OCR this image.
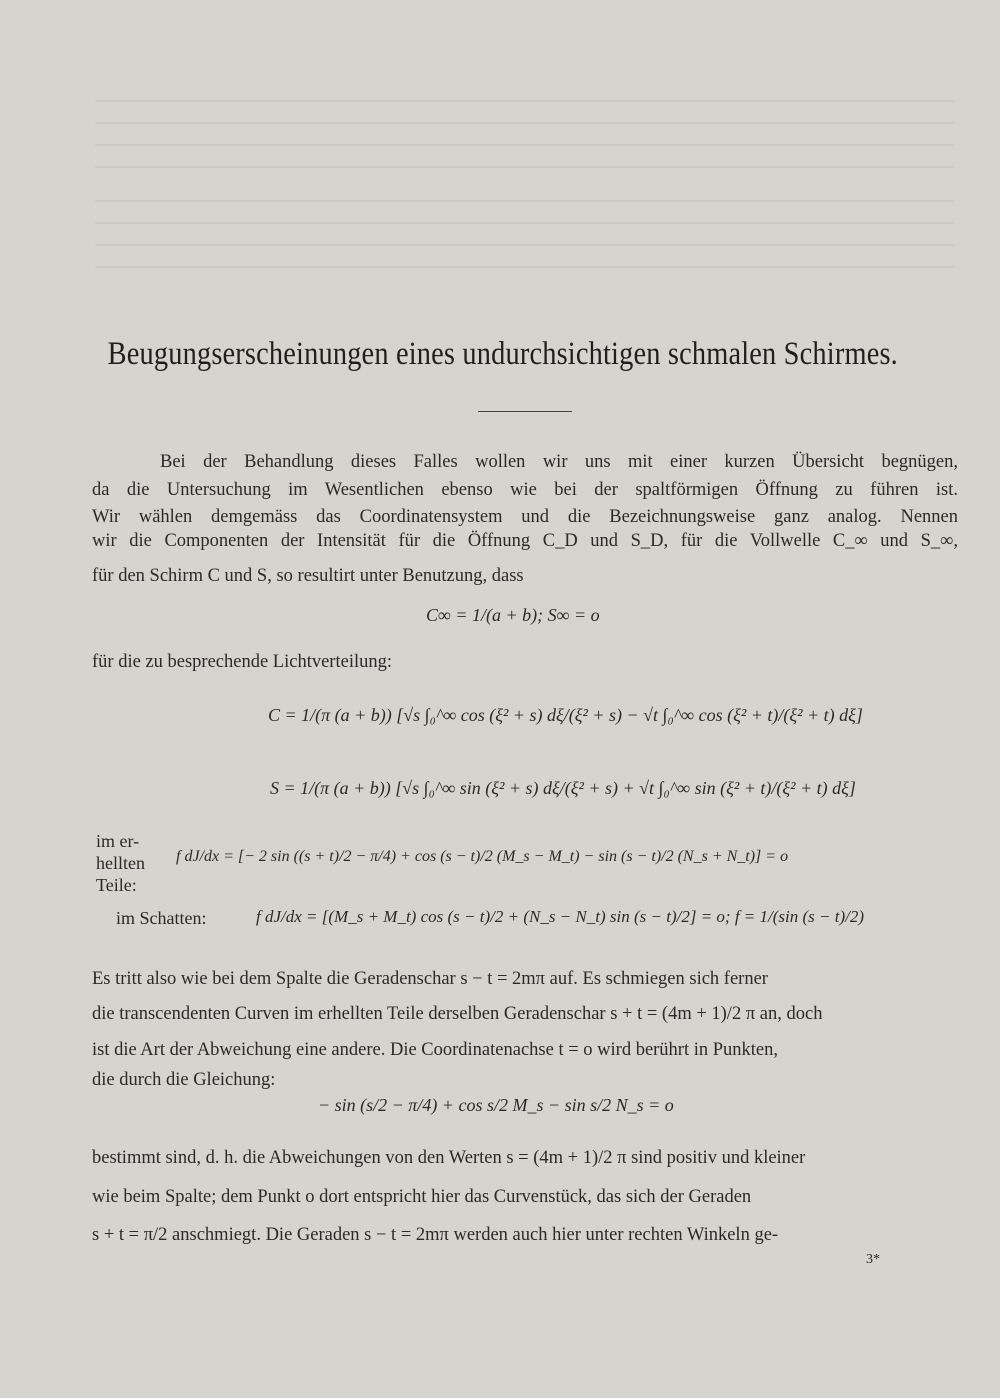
Beugungserscheinungen eines undurchsichtigen schmalen Schirmes.
Bei der Behandlung dieses Falles wollen wir uns mit einer kurzen Übersicht begnügen,
da die Untersuchung im Wesentlichen ebenso wie bei der spaltförmigen Öffnung zu führen ist.
Wir wählen demgemäss das Coordinatensystem und die Bezeichnungsweise ganz analog. Nennen
wir die Componenten der Intensität für die Öffnung C_D und S_D, für die Vollwelle C_∞ und S_∞,
für den Schirm C und S, so resultirt unter Benutzung, dass
C∞ = 1/(a + b); S∞ = o
für die zu besprechende Lichtverteilung:
C = 1/(π (a + b)) [√s ∫₀^∞ cos (ξ² + s) dξ/(ξ² + s) − √t ∫₀^∞ cos (ξ² + t)/(ξ² + t) dξ]
S = 1/(π (a + b)) [√s ∫₀^∞ sin (ξ² + s) dξ/(ξ² + s) + √t ∫₀^∞ sin (ξ² + t)/(ξ² + t) dξ]
im er-
hellten
Teile:
f dJ/dx = [− 2 sin ((s + t)/2 − π/4) + cos (s − t)/2 (M_s − M_t) − sin (s − t)/2 (N_s + N_t)] = o
im Schatten:	f dJ/dx = [(M_s + M_t) cos (s − t)/2 + (N_s − N_t) sin (s − t)/2] = o; f = 1/(sin (s − t)/2)
Es tritt also wie bei dem Spalte die Geradenschar s − t = 2mπ auf. Es schmiegen sich ferner
die transcendenten Curven im erhellten Teile derselben Geradenschar s + t = (4m + 1)/2 π an, doch
ist die Art der Abweichung eine andere. Die Coordinatenachse t = o wird berührt in Punkten,
die durch die Gleichung:
− sin (s/2 − π/4) + cos s/2 M_s − sin s/2 N_s = o
bestimmt sind, d. h. die Abweichungen von den Werten s = (4m + 1)/2 π sind positiv und kleiner
wie beim Spalte; dem Punkt o dort entspricht hier das Curvenstück, das sich der Geraden
s + t = π/2 anschmiegt. Die Geraden s − t = 2mπ werden auch hier unter rechten Winkeln ge-
3*
